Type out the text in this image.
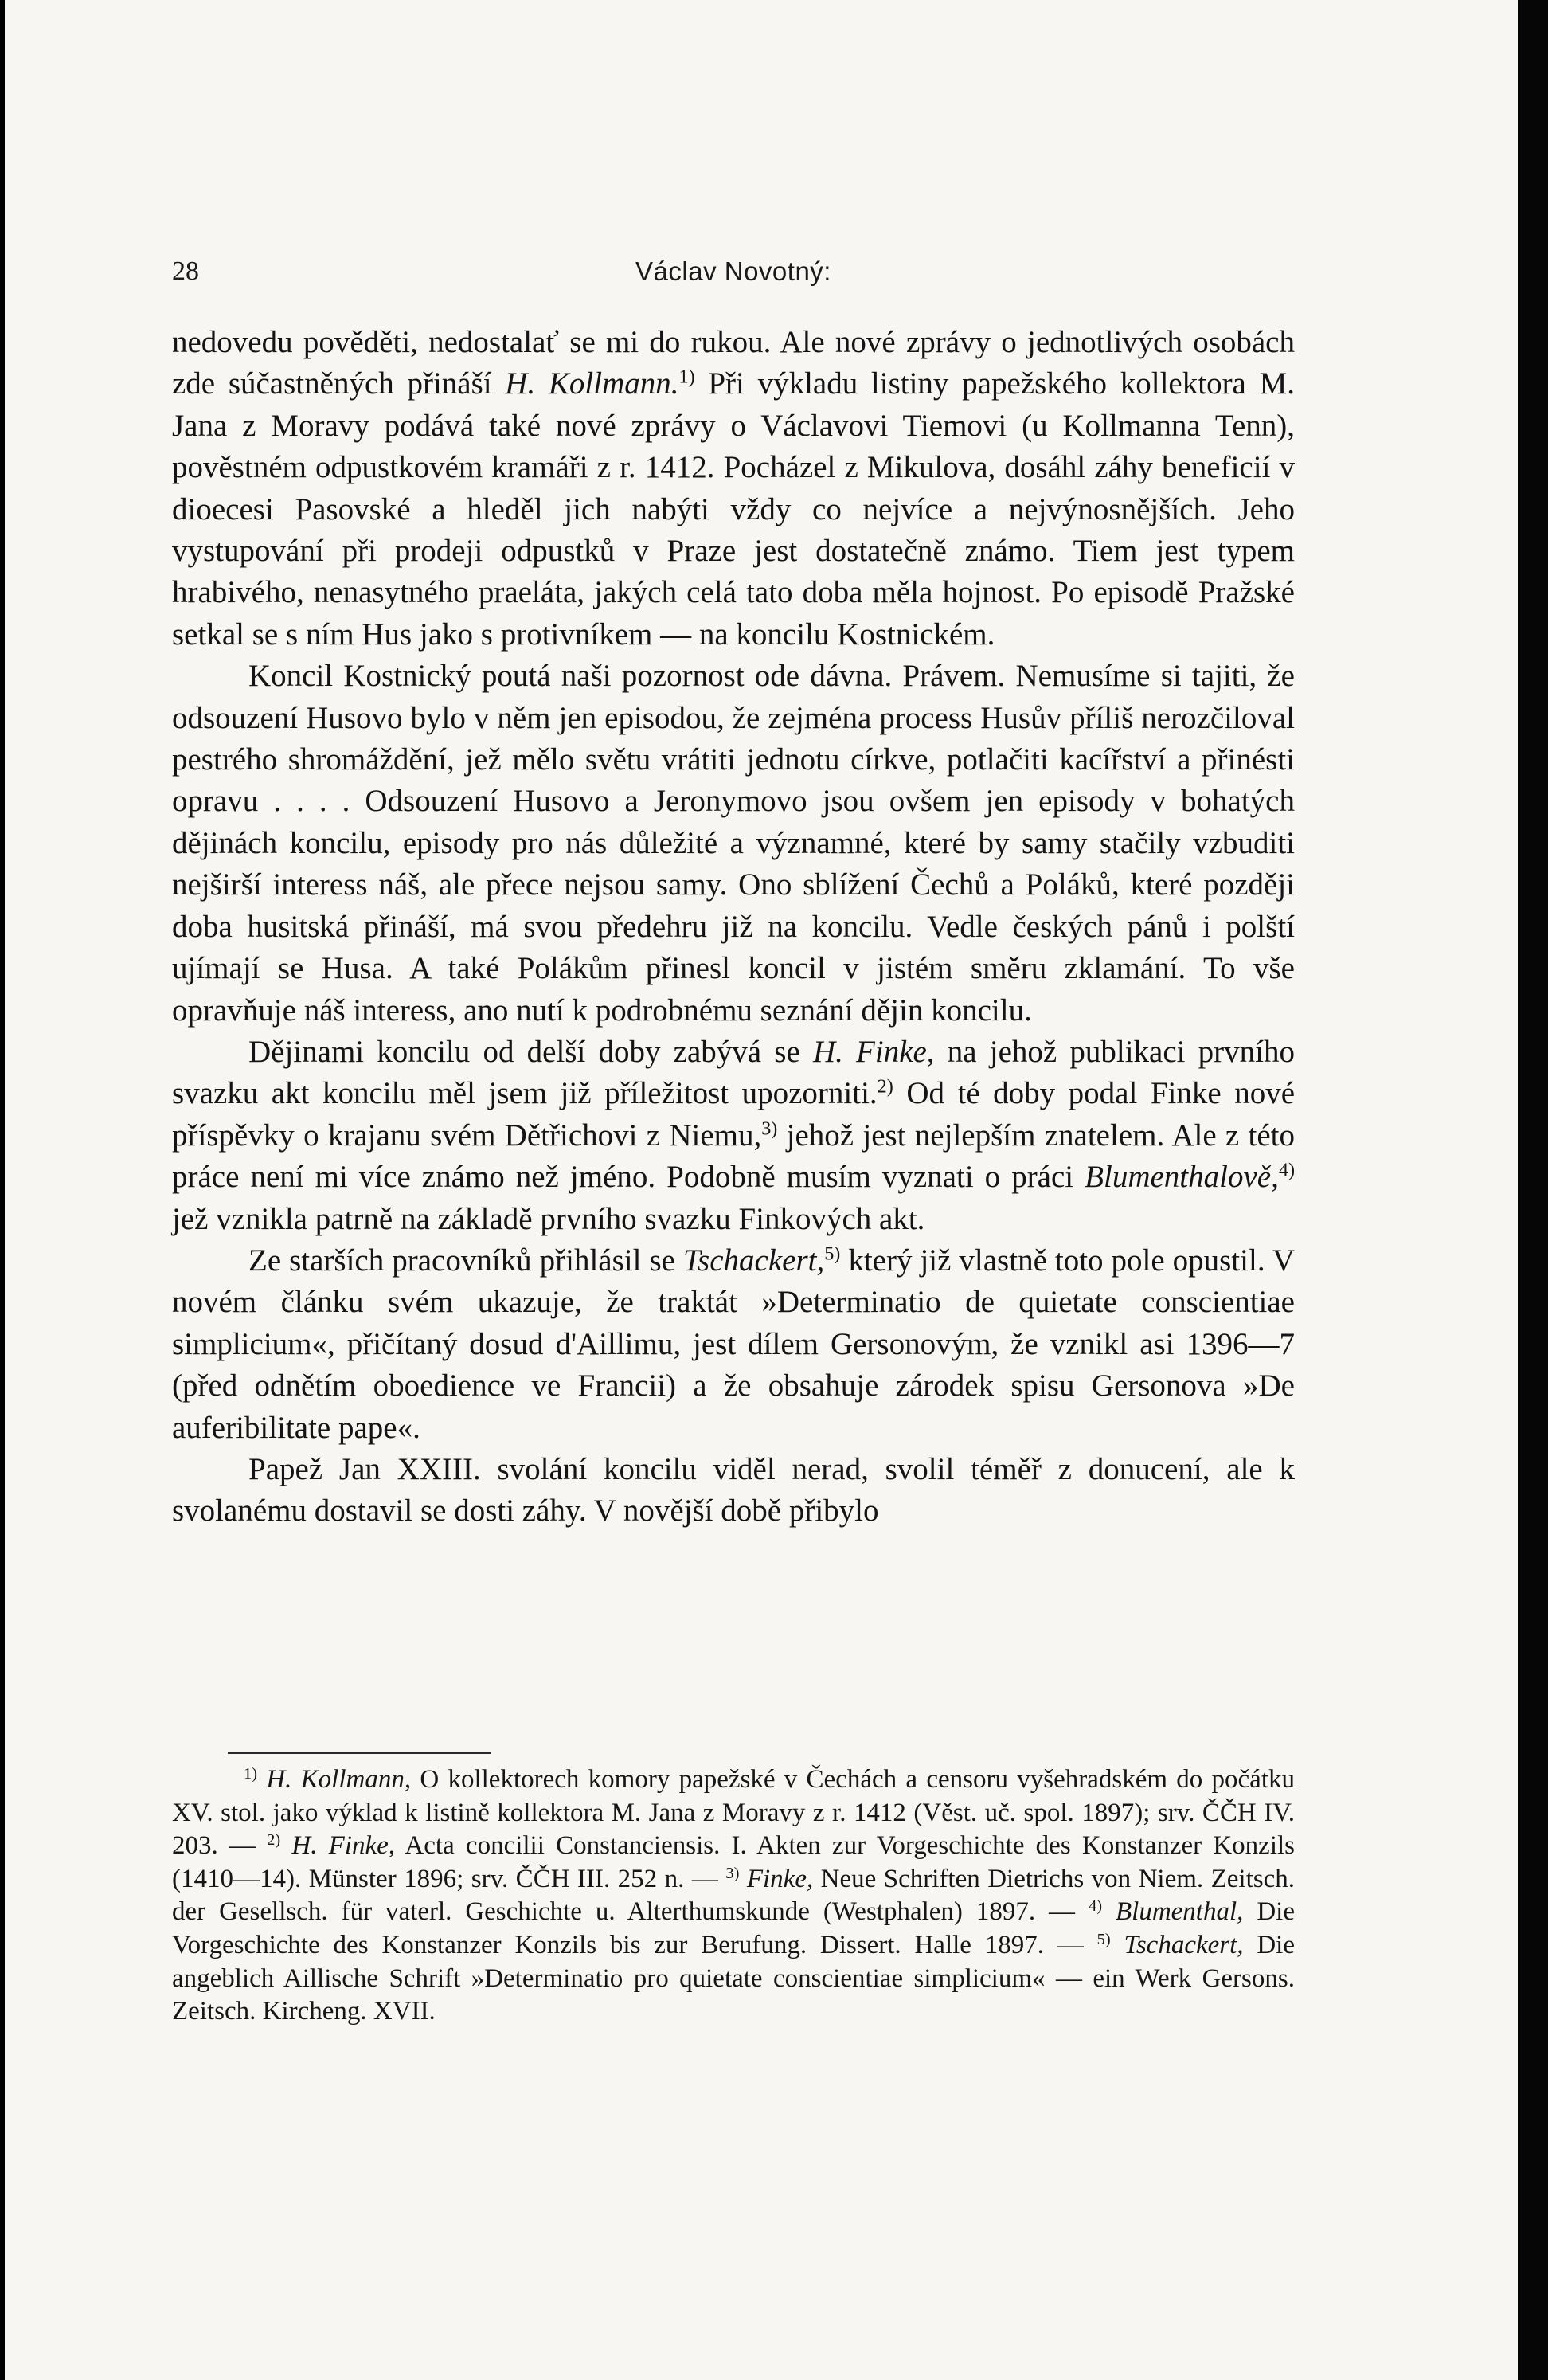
28	Václav Novotný:

nedovedu pověděti, nedostalať se mi do rukou. Ale nové zprávy o jednotlivých osobách zde súčastněných přináší H. Kollmann.$^{1)}$ Při výkladu listiny papežského kollektora M. Jana z Moravy podává také nové zprávy o Václavovi Tiemovi (u Kollmanna Tenn), pověstném odpustkovém kramáři z r. 1412. Pocházel z Mikulova, dosáhl záhy beneficií v dioecesi Pasovské a hleděl jich nabýti vždy co nejvíce a nejvýnosnějších. Jeho vystupování při prodeji odpustků v Praze jest dostatečně známo. Tiem jest typem hrabivého, nenasytného praeláta, jakých celá tato doba měla hojnost. Po episodě Pražské setkal se s ním Hus jako s protivníkem — na koncilu Kostnickém.

Koncil Kostnický poutá naši pozornost ode dávna. Právem. Nemusíme si tajiti, že odsouzení Husovo bylo v něm jen episodou, že zejména process Husův příliš nerozčiloval pestrého shromáždění, jež mělo světu vrátiti jednotu církve, potlačiti kacířství a přinésti opravu . . . . Odsouzení Husovo a Jeronymovo jsou ovšem jen episody v bohatých dějinách koncilu, episody pro nás důležité a významné, které by samy stačily vzbuditi nejširší interess náš, ale přece nejsou samy. Ono sblížení Čechů a Poláků, které později doba husitská přináší, má svou předehru již na koncilu. Vedle českých pánů i polští ujímají se Husa. A také Polákům přinesl koncil v jistém směru zklamání. To vše opravňuje náš interess, ano nutí k podrobnému seznání dějin koncilu.

Dějinami koncilu od delší doby zabývá se H. Finke, na jehož publikaci prvního svazku akt koncilu měl jsem již příležitost upozorniti.$^{2)}$ Od té doby podal Finke nové příspěvky o krajanu svém Dětřichovi z Niemu,$^{3)}$ jehož jest nejlepším znatelem. Ale z této práce není mi více známo než jméno. Podobně musím vyznati o práci Blumenthalově,$^{4)}$ jež vznikla patrně na základě prvního svazku Finkových akt.

Ze starších pracovníků přihlásil se Tschackert,$^{5)}$ který již vlastně toto pole opustil. V novém článku svém ukazuje, že traktát »Determinatio de quietate conscientiae simplicium«, přičítaný dosud d'Aillimu, jest dílem Gersonovým, že vznikl asi 1396—7 (před odnětím oboedience ve Francii) a že obsahuje zárodek spisu Gersonova »De auferibilitate pape«.

Papež Jan XXIII. svolání koncilu viděl nerad, svolil téměř z donucení, ale k svolanému dostavil se dosti záhy. V novější době přibylo

$^{1)}$ H. Kollmann, O kollektorech komory papežské v Čechách a censoru vyšehradském do počátku XV. stol. jako výklad k listině kollektora M. Jana z Moravy z r. 1412 (Věst. uč. spol. 1897); srv. ČČH IV. 203. — $^{2)}$ H. Finke, Acta concilii Constanciensis. I. Akten zur Vorgeschichte des Konstanzer Konzils (1410—14). Münster 1896; srv. ČČH III. 252 n. — $^{3)}$ Finke, Neue Schriften Dietrichs von Niem. Zeitsch. der Gesellsch. für vaterl. Geschichte u. Alterthumskunde (Westphalen) 1897. — $^{4)}$ Blumenthal, Die Vorgeschichte des Konstanzer Konzils bis zur Berufung. Dissert. Halle 1897. — $^{5)}$ Tschackert, Die angeblich Aillische Schrift »Determinatio pro quietate conscientiae simplicium« — ein Werk Gersons. Zeitsch. Kircheng. XVII.
